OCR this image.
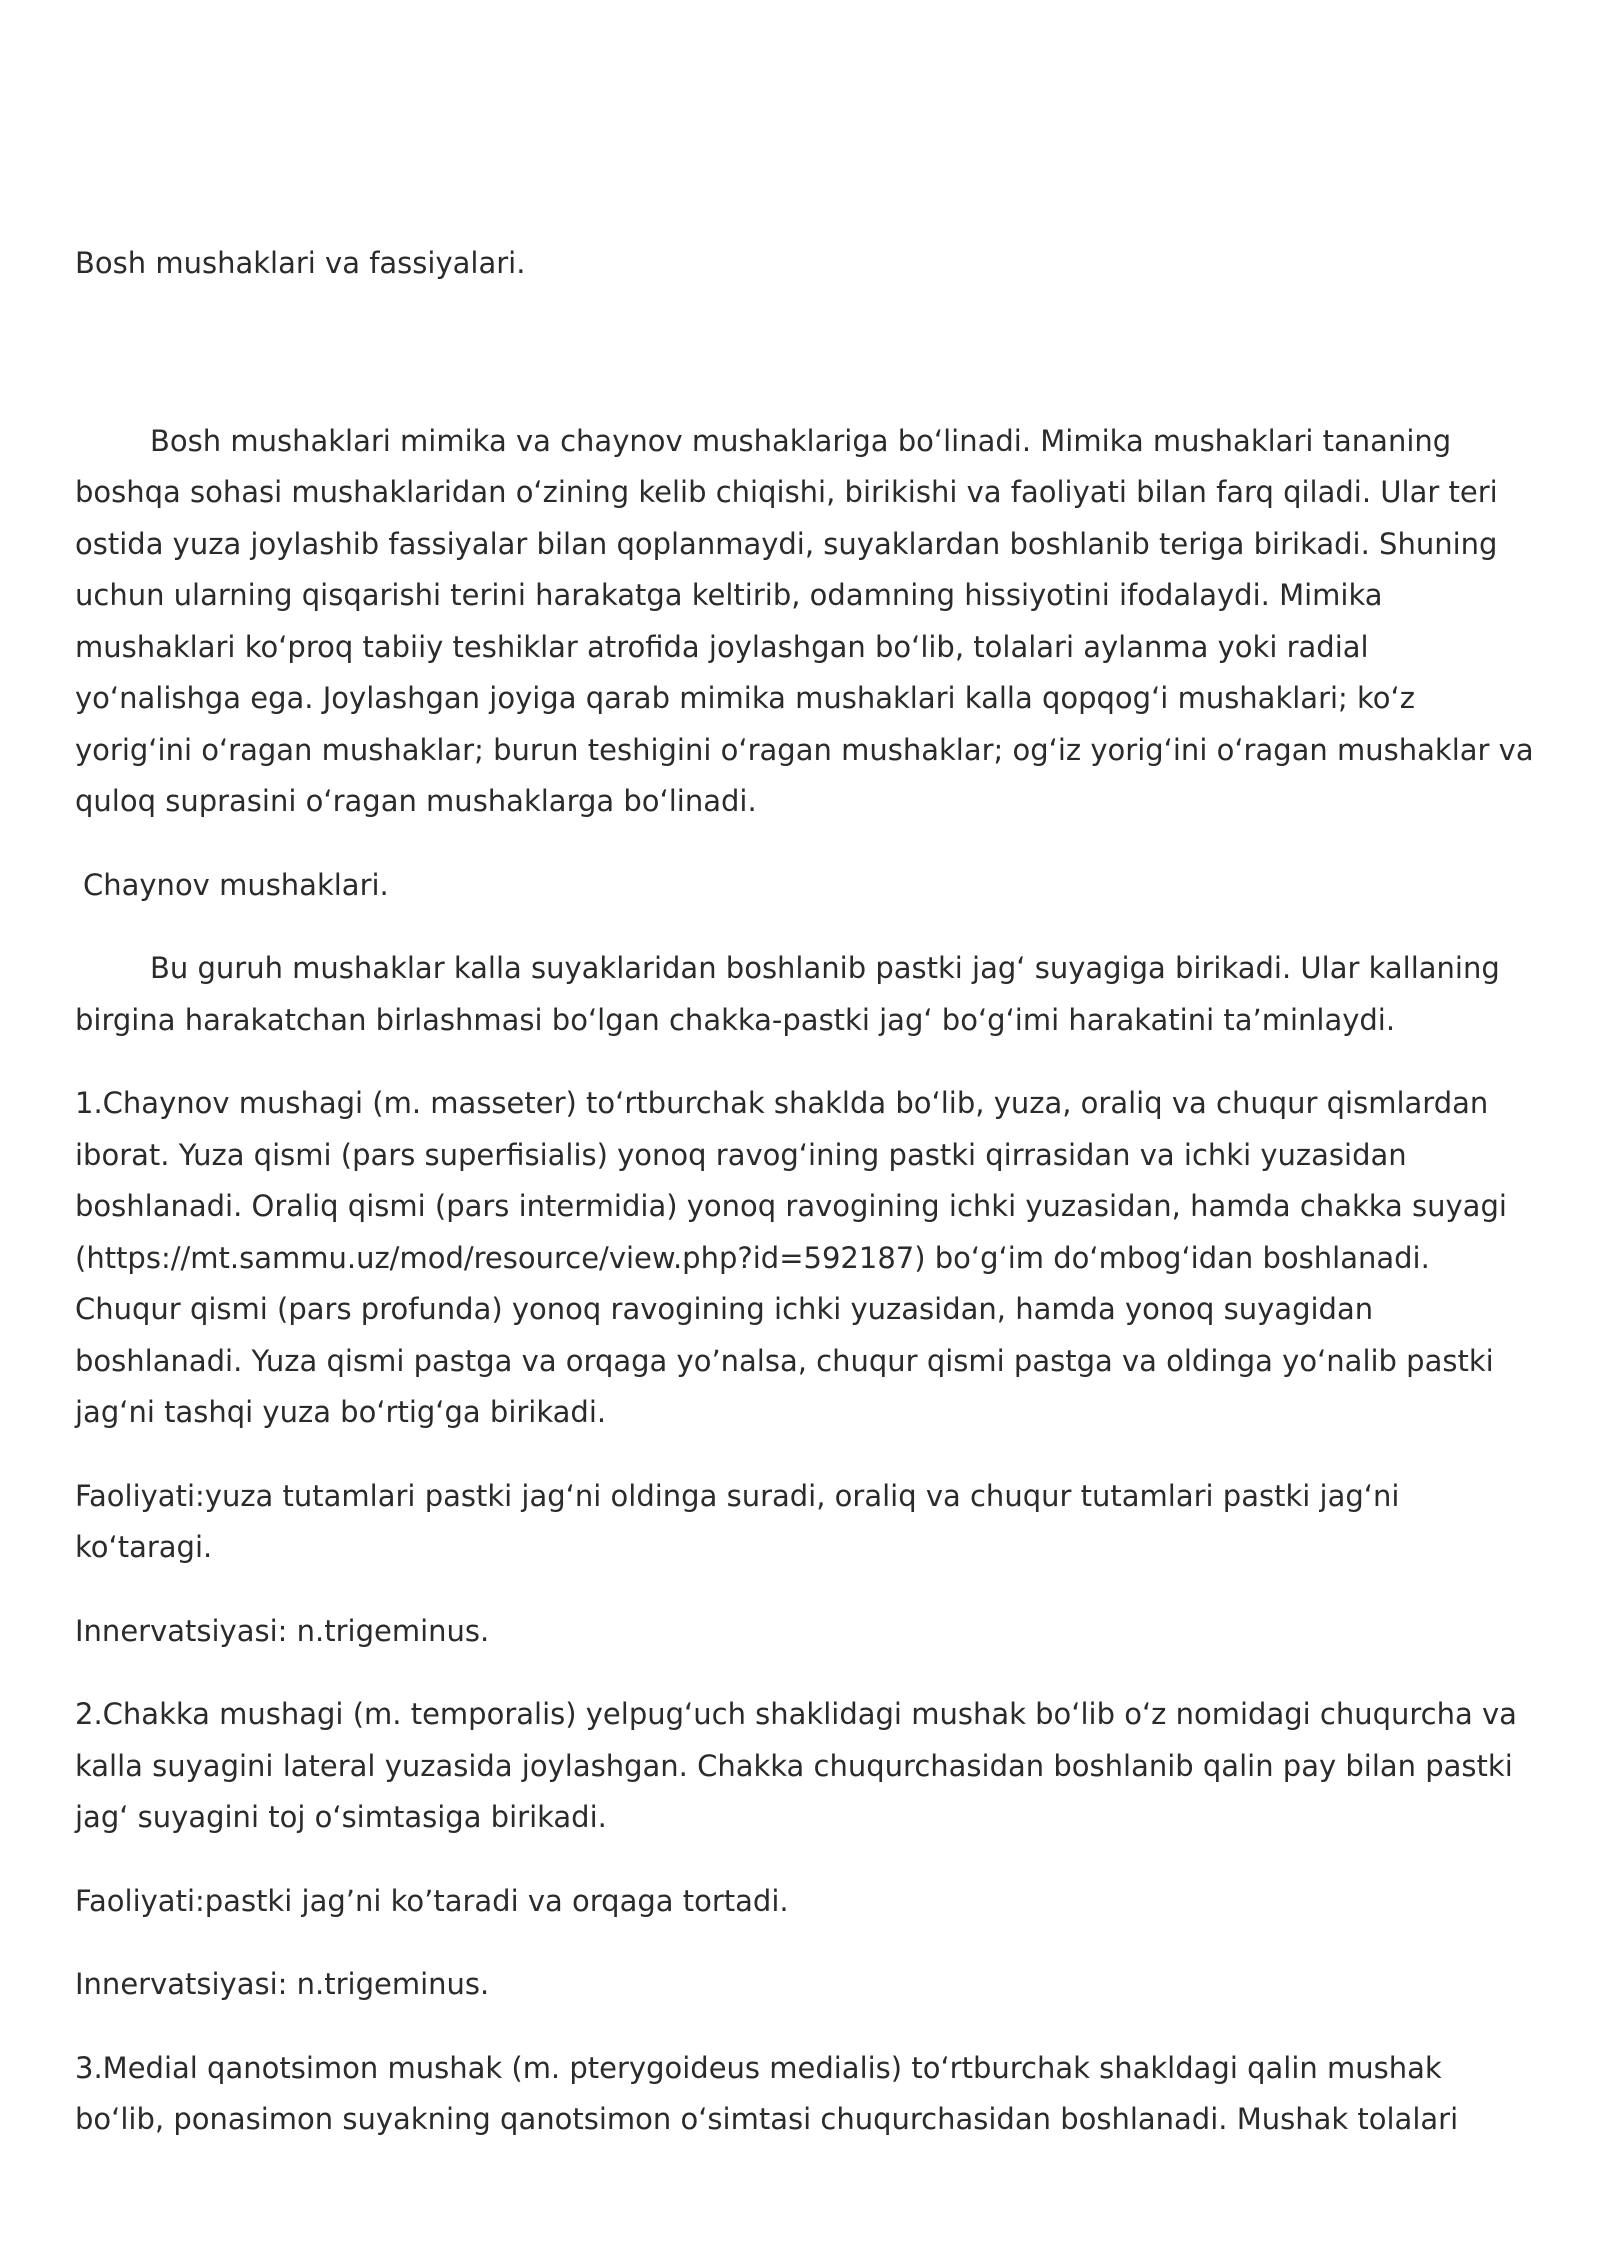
Bosh mushaklari va fassiyalari.

Bosh mushaklari mimika va chaynov mushaklariga bo‘linadi. Mimika mushaklari tananing boshqa sohasi mushaklaridan o‘zining kelib chiqishi, birikishi va faoliyati bilan farq qiladi. Ular teri ostida yuza joylashib fassiyalar bilan qoplanmaydi, suyaklardan boshlanib teriga birikadi. Shuning uchun ularning qisqarishi terini harakatga keltirib, odamning hissiyotini ifodalaydi. Mimika mushaklari ko‘proq tabiiy teshiklar atrofida joylashgan bo‘lib, tolalari aylanma yoki radial yo‘nalishga ega. Joylashgan joyiga qarab mimika mushaklari kalla qopqog‘i mushaklari; ko‘z yorig‘ini o‘ragan mushaklar; burun teshigini o‘ragan mushaklar; og‘iz yorig‘ini o‘ragan mushaklar va quloq suprasini o‘ragan mushaklarga bo‘linadi.

Chaynov mushaklari.

Bu guruh mushaklar kalla suyaklaridan boshlanib pastki jag‘ suyagiga birikadi. Ular kallaning birgina harakatchan birlashmasi bo‘lgan chakka-pastki jag‘ bo‘g‘imi harakatini ta’minlaydi.

1.Chaynov mushagi (m. masseter) to‘rtburchak shaklda bo‘lib, yuza, oraliq va chuqur qismlardan iborat. Yuza qismi (pars superfisialis) yonoq ravog‘ining pastki qirrasidan va ichki yuzasidan boshlanadi. Oraliq qismi (pars intermidia) yonoq ravogining ichki yuzasidan, hamda chakka suyagi (https://mt.sammu.uz/mod/resource/view.php?id=592187) bo‘g‘im do‘mbog‘idan boshlanadi. Chuqur qismi (pars profunda) yonoq ravogining ichki yuzasidan, hamda yonoq suyagidan boshlanadi. Yuza qismi pastga va orqaga yo’nalsa, chuqur qismi pastga va oldinga yo‘nalib pastki jag‘ni tashqi yuza bo‘rtig‘ga birikadi.

Faoliyati:yuza tutamlari pastki jag‘ni oldinga suradi, oraliq va chuqur tutamlari pastki jag‘ni ko‘taragi.

Innervatsiyasi: n.trigeminus.

2.Chakka mushagi (m. temporalis) yelpug‘uch shaklidagi mushak bo‘lib o‘z nomidagi chuqurcha va kalla suyagini lateral yuzasida joylashgan. Chakka chuqurchasidan boshlanib qalin pay bilan pastki jag‘ suyagini toj o‘simtasiga birikadi.

Faoliyati:pastki jag’ni ko’taradi va orqaga tortadi.

Innervatsiyasi: n.trigeminus.

3.Medial qanotsimon mushak (m. pterygoideus medialis) to‘rtburchak shakldagi qalin mushak bo‘lib, ponasimon suyakning qanotsimon o‘simtasi chuqurchasidan boshlanadi. Mushak tolalari
